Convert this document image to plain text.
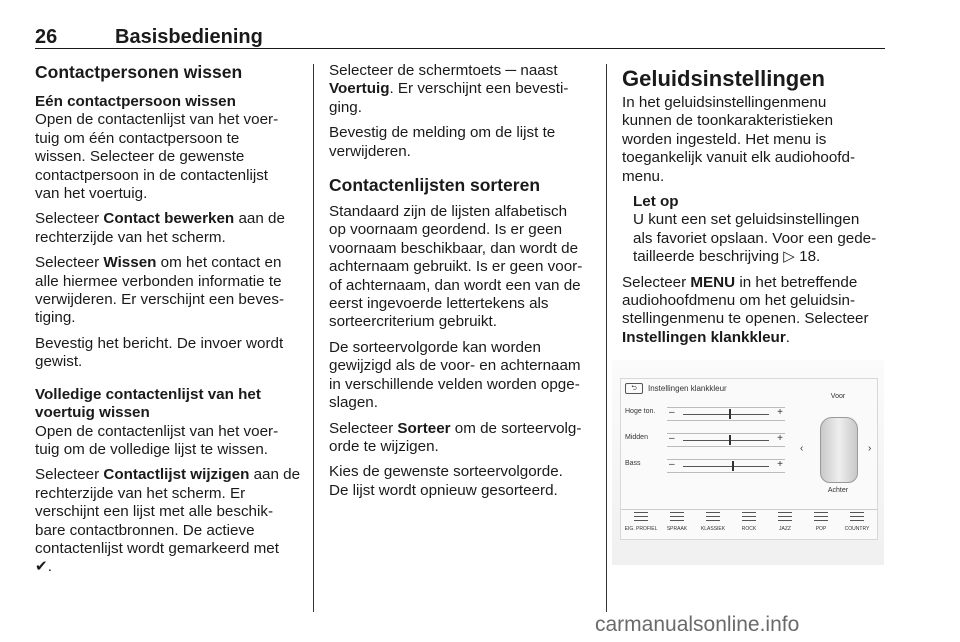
26	Basisbediening
Contactpersonen wissen
Eén contactpersoon wissen

Open de contactenlijst van het voer-
tuig om één contactpersoon te
wissen. Selecteer de gewenste
contactpersoon in de contactenlijst
van het voertuig.

Selecteer Contact bewerken aan de
rechterzijde van het scherm.

Selecteer Wissen om het contact en
alle hiermee verbonden informatie te
verwijderen. Er verschijnt een beves-
tiging.

Bevestig het bericht. De invoer wordt
gewist.

Volledige contactenlijst van het
voertuig wissen

Open de contactenlijst van het voer-
tuig om de volledige lijst te wissen.

Selecteer Contactlijst wijzigen aan de
rechterzijde van het scherm. Er
verschijnt een lijst met alle beschik-
bare contactbronnen. De actieve
contactenlijst wordt gemarkeerd met
✔.

Selecteer de schermtoets ─ naast
Voertuig. Er verschijnt een bevesti-
ging.

Bevestig de melding om de lijst te
verwijderen.

Contactenlijsten sorteren

Standaard zijn de lijsten alfabetisch
op voornaam geordend. Is er geen
voornaam beschikbaar, dan wordt de
achternaam gebruikt. Is er geen voor-
of achternaam, dan wordt een van de
eerst ingevoerde lettertekens als
sorteercriterium gebruikt.

De sorteervolgorde kan worden
gewijzigd als de voor- en achternaam
in verschillende velden worden opge-
slagen.

Selecteer Sorteer om de sorteervolg-
orde te wijzigen.

Kies de gewenste sorteervolgorde.
De lijst wordt opnieuw gesorteerd.

Geluidsinstellingen

In het geluidsinstellingenmenu
kunnen de toonkarakteristieken
worden ingesteld. Het menu is
toegankelijk vanuit elk audiohoofd-
menu.

Let op
U kunt een set geluidsinstellingen
als favoriet opslaan. Voor een gede-
tailleerde beschrijving ▷ 18.

Selecteer MENU in het betreffende
audiohoofdmenu om het geluidsin-
stellingenmenu te openen. Selecteer
Instellingen klankkleur.

⮌ Instellingen klankkleur
Hoge ton.	–	+
Midden	–	+
Bass	–	+
Voor
‹	›
Achter
EIG. PROFIEL	SPRAAK	KLASSIEK	ROCK	JAZZ	POP	COUNTRY
carmanualsonline.info
